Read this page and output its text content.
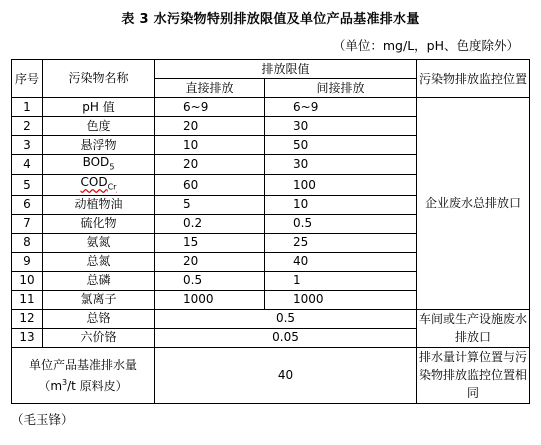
表 3 水污染物特别排放限值及单位产品基准排水量
（单位：mg/L，pH、色度除外）
序号	污染物名称	排放限值		污染物排放监控位置
		直接排放	间接排放	
1	pH 值	6~9	6~9	企业废水总排放口
2	色度	20	30	
3	悬浮物	10	50	
4	$BOD_5$	20	30	
5	$COD_{Cr}$	60	100	
6	动植物油	5	10	
7	硫化物	0.2	0.5	
8	氨氮	15	25	
9	总氮	20	40	
10	总磷	0.5	1	
11	氯离子	1000	1000	
12	总铬	0.5		车间或生产设施废水排放口
13	六价铬	0.05		

单位产品基准排水量
（$m^3/t$ 原料皮）		40		排水量计算位置与污染物排放监控位置相同
（毛玉锋）
